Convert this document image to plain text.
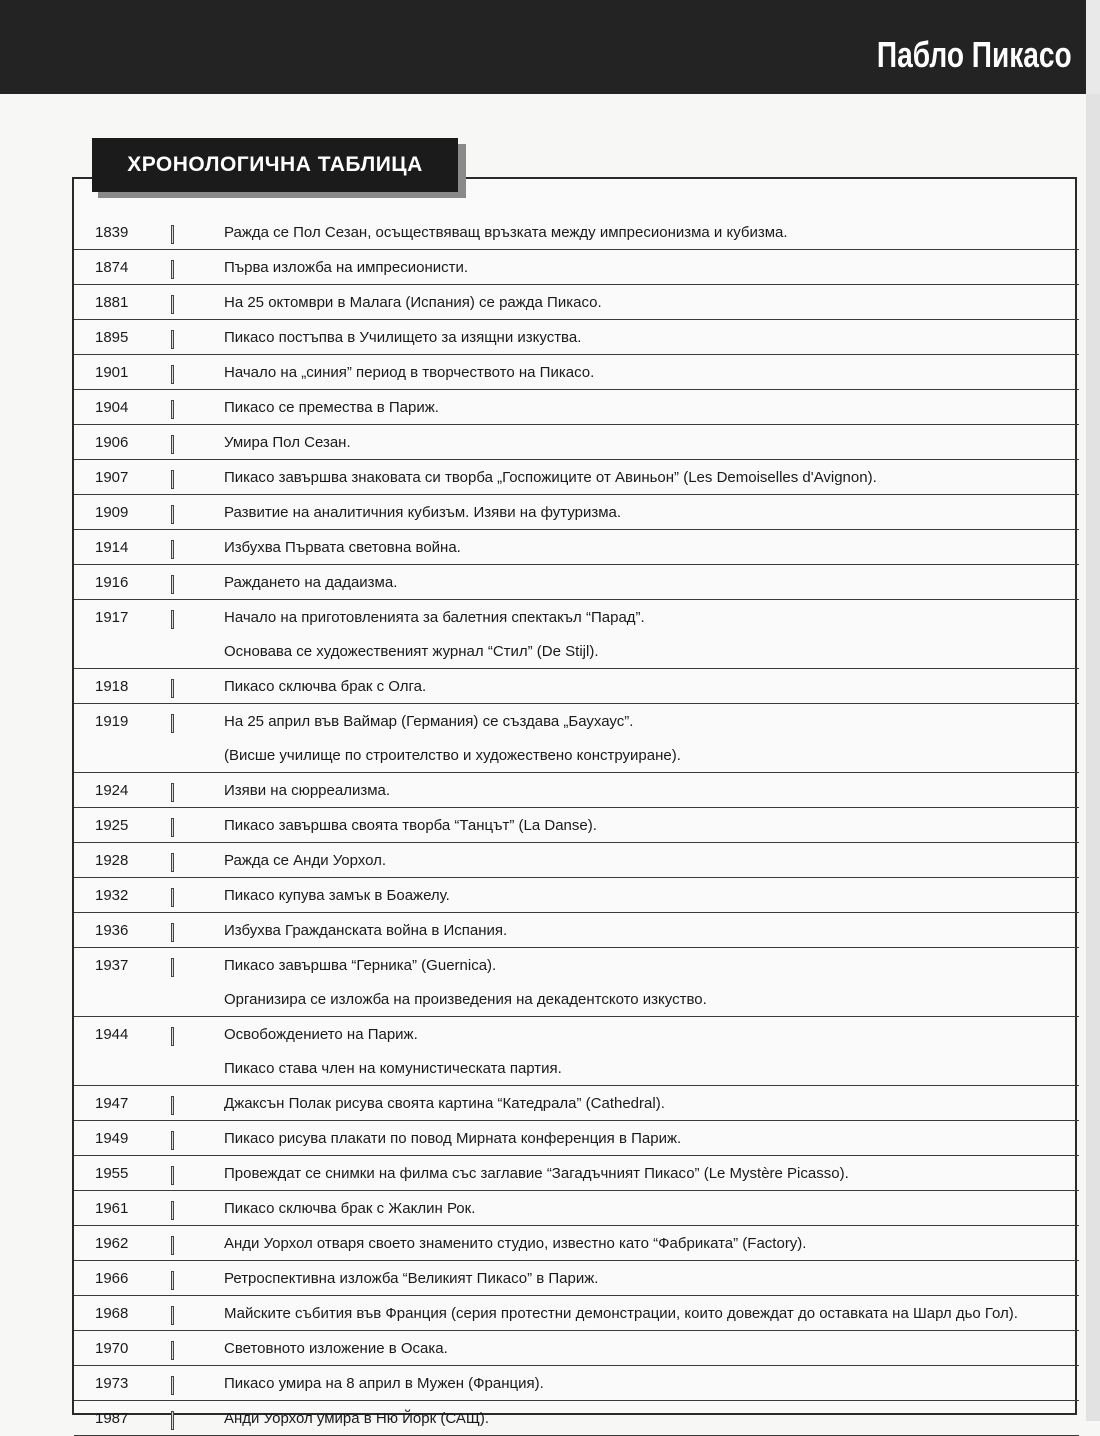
Пабло Пикасо
ХРОНОЛОГИЧНА ТАБЛИЦА
1839	Ражда се Пол Сезан, осъществяващ връзката между импресионизма и кубизма.
1874	Първа изложба на импресионисти.
1881	На 25 октомври в Малага (Испания) се ражда Пикасо.
1895	Пикасо постъпва в Училището за изящни изкуства.
1901	Начало на „синия” период в творчеството на Пикасо.
1904	Пикасо се премества в Париж.
1906	Умира Пол Сезан.
1907	Пикасо завършва знаковата си творба „Госпожиците от Авиньон” (Les Demoiselles d'Avignon).
1909	Развитие на аналитичния кубизъм. Изяви на футуризма.
1914	Избухва Първата световна война.
1916	Раждането на дадаизма.
1917	Начало на приготовленията за балетния спектакъл “Парад”.
Основава се художественият журнал “Стил” (De Stijl).
1918	Пикасо сключва брак с Олга.
1919	На 25 април във Ваймар (Германия) се създава „Баухаус”.
(Висше училище по строителство и художествено конструиране).
1924	Изяви на сюрреализма.
1925	Пикасо завършва своята творба “Танцът” (La Danse).
1928	Ражда се Анди Уорхол.
1932	Пикасо купува замък в Боажелу.
1936	Избухва Гражданската война в Испания.
1937	Пикасо завършва “Герника” (Guernica).
Организира се изложба на произведения на декадентското изкуство.
1944	Освобождението на Париж.
Пикасо става член на комунистическата партия.
1947	Джаксън Полак рисува своята картина “Катедрала” (Cathedral).
1949	Пикасо рисува плакати по повод Мирната конференция в Париж.
1955	Провеждат се снимки на филма със заглавие “Загадъчният Пикасо” (Le Mystère Picasso).
1961	Пикасо сключва брак с Жаклин Рок.
1962	Анди Уорхол отваря своето знаменито студио, известно като “Фабриката” (Factory).
1966	Ретроспективна изложба “Великият Пикасо” в Париж.
1968	Майските събития във Франция (серия протестни демонстрации, които довеждат до оставката на Шарл дьо Гол).
1970	Световното изложение в Осака.
1973	Пикасо умира на 8 април в Мужен (Франция).
1987	Анди Уорхол умира в Ню Йорк (САЩ).
